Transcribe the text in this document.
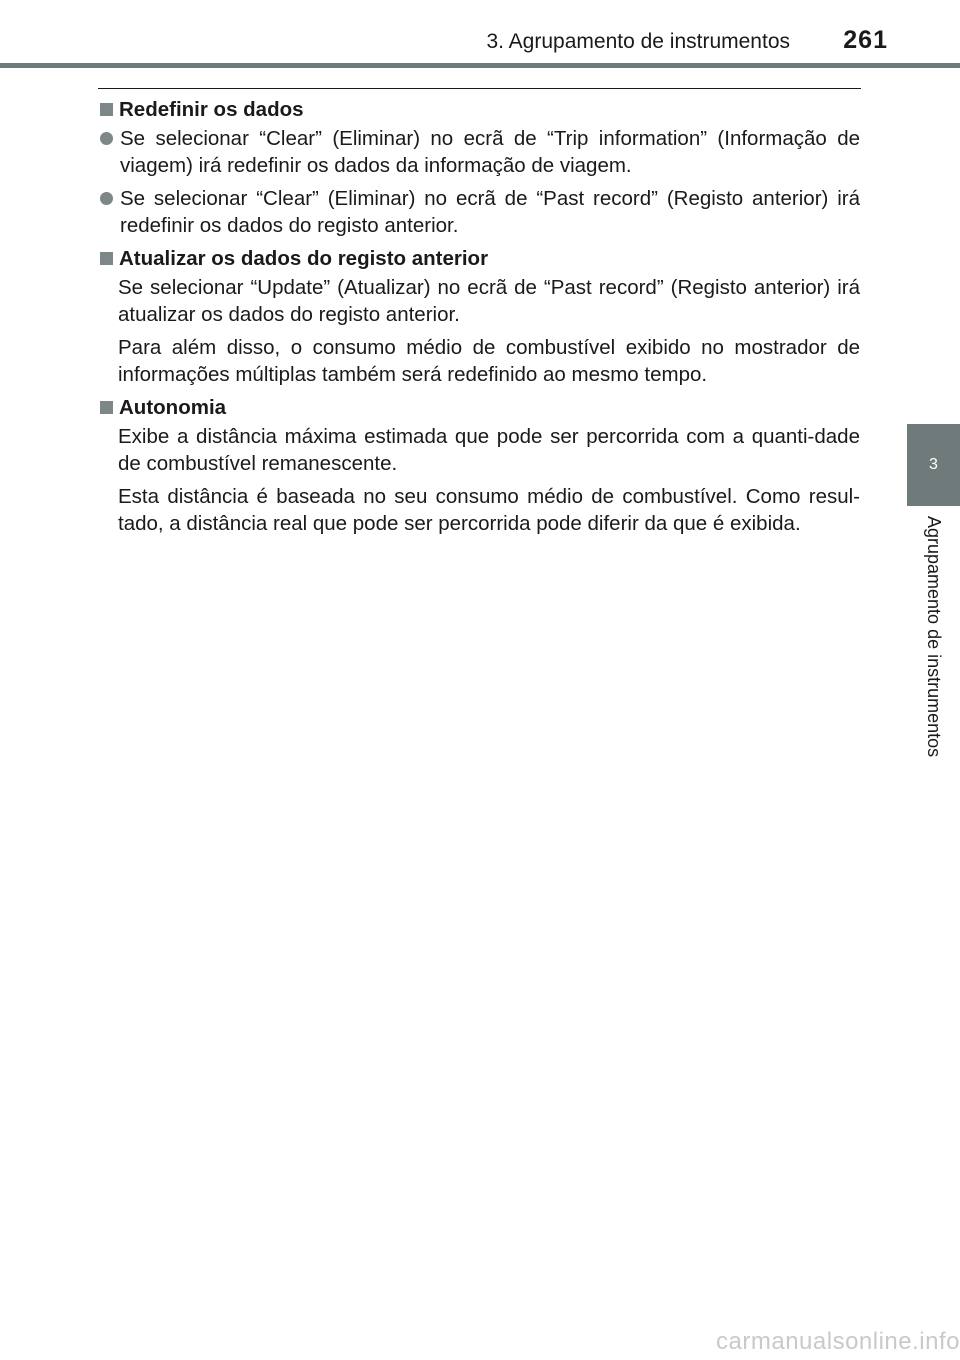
3. Agrupamento de instrumentos 261
3
Agrupamento de instrumentos
Redefinir os dados
Se selecionar “Clear” (Eliminar) no ecrã de “Trip information” (Informação de viagem) irá redefinir os dados da informação de viagem.
Se selecionar “Clear” (Eliminar) no ecrã de “Past record” (Registo anterior) irá redefinir os dados do registo anterior.
Atualizar os dados do registo anterior
Se selecionar “Update” (Atualizar) no ecrã de “Past record” (Registo anterior) irá atualizar os dados do registo anterior.
Para além disso, o consumo médio de combustível exibido no mostrador de informações múltiplas também será redefinido ao mesmo tempo.
Autonomia
Exibe a distância máxima estimada que pode ser percorrida com a quanti-dade de combustível remanescente.
Esta distância é baseada no seu consumo médio de combustível. Como resul-tado, a distância real que pode ser percorrida pode diferir da que é exibida.
carmanualsonline.info
